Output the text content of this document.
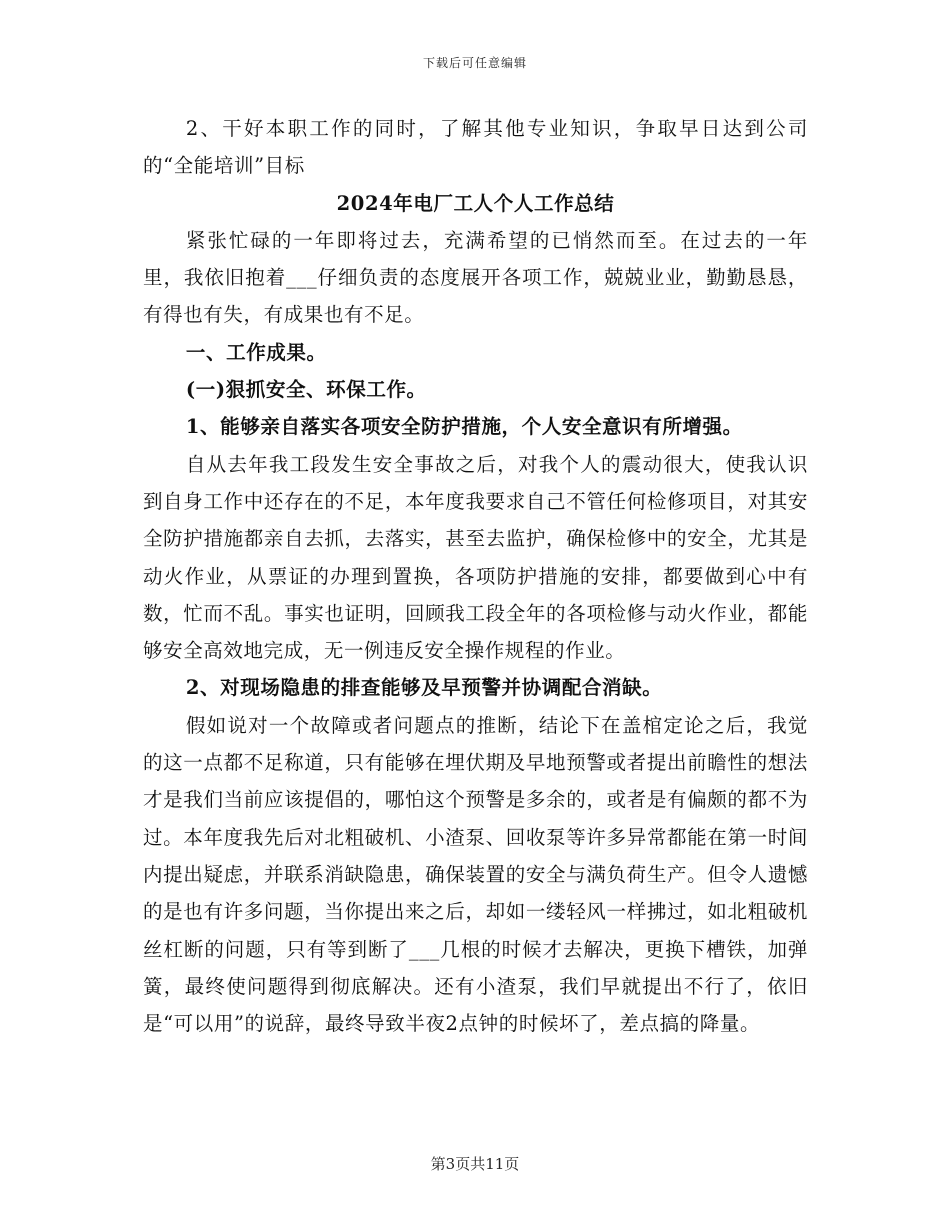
下载后可任意编辑

2、干好本职工作的同时，了解其他专业知识，争取早日达到公司的“全能培训”目标

2024年电厂工人个人工作总结

紧张忙碌的一年即将过去，充满希望的已悄然而至。在过去的一年里，我依旧抱着___仔细负责的态度展开各项工作，兢兢业业，勤勤恳恳，有得也有失，有成果也有不足。

一、工作成果。

(一)狠抓安全、环保工作。

1、能够亲自落实各项安全防护措施，个人安全意识有所增强。

自从去年我工段发生安全事故之后，对我个人的震动很大，使我认识到自身工作中还存在的不足，本年度我要求自己不管任何检修项目，对其安全防护措施都亲自去抓，去落实，甚至去监护，确保检修中的安全，尤其是动火作业，从票证的办理到置换，各项防护措施的安排，都要做到心中有数，忙而不乱。事实也证明，回顾我工段全年的各项检修与动火作业，都能够安全高效地完成，无一例违反安全操作规程的作业。

2、对现场隐患的排查能够及早预警并协调配合消缺。

假如说对一个故障或者问题点的推断，结论下在盖棺定论之后，我觉的这一点都不足称道，只有能够在埋伏期及早地预警或者提出前瞻性的想法才是我们当前应该提倡的，哪怕这个预警是多余的，或者是有偏颇的都不为过。本年度我先后对北粗破机、小渣泵、回收泵等许多异常都能在第一时间内提出疑虑，并联系消缺隐患，确保装置的安全与满负荷生产。但令人遗憾的是也有许多问题，当你提出来之后，却如一缕轻风一样拂过，如北粗破机丝杠断的问题，只有等到断了___几根的时候才去解决，更换下槽铁，加弹簧，最终使问题得到彻底解决。还有小渣泵，我们早就提出不行了，依旧是“可以用”的说辞，最终导致半夜2点钟的时候坏了，差点搞的降量。

第3页共11页
